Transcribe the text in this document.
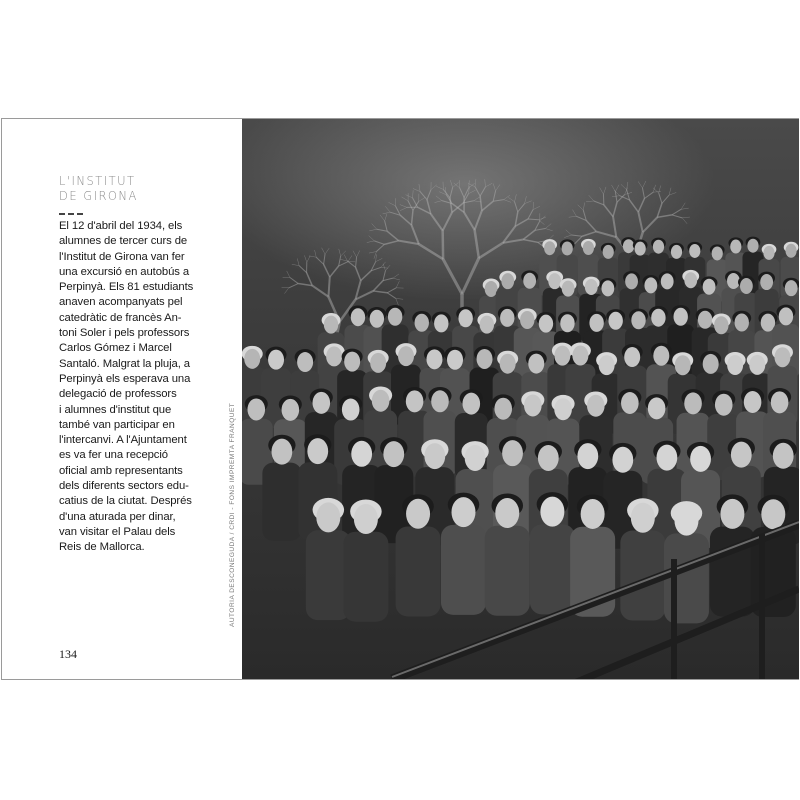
L'INSTITUT
DE GIRONA

El 12 d'abril del 1934, els
alumnes de tercer curs de
l'Institut de Girona van fer
una excursió en autobús a
Perpinyà. Els 81 estudiants
anaven acompanyats pel
catedràtic de francès An-
toni Soler i pels professors
Carlos Gómez i Marcel
Santaló. Malgrat la pluja, a
Perpinyà els esperava una
delegació de professors
i alumnes d'institut que
també van participar en
l'intercanvi. A l'Ajuntament
es va fer una recepció
oficial amb representants
dels diferents sectors edu-
catius de la ciutat. Després
d'una aturada per dinar,
van visitar el Palau dels
Reis de Mallorca.

134
AUTORIA DESCONEGUDA / CRDI - FONS IMPREMTA FRANQUET
